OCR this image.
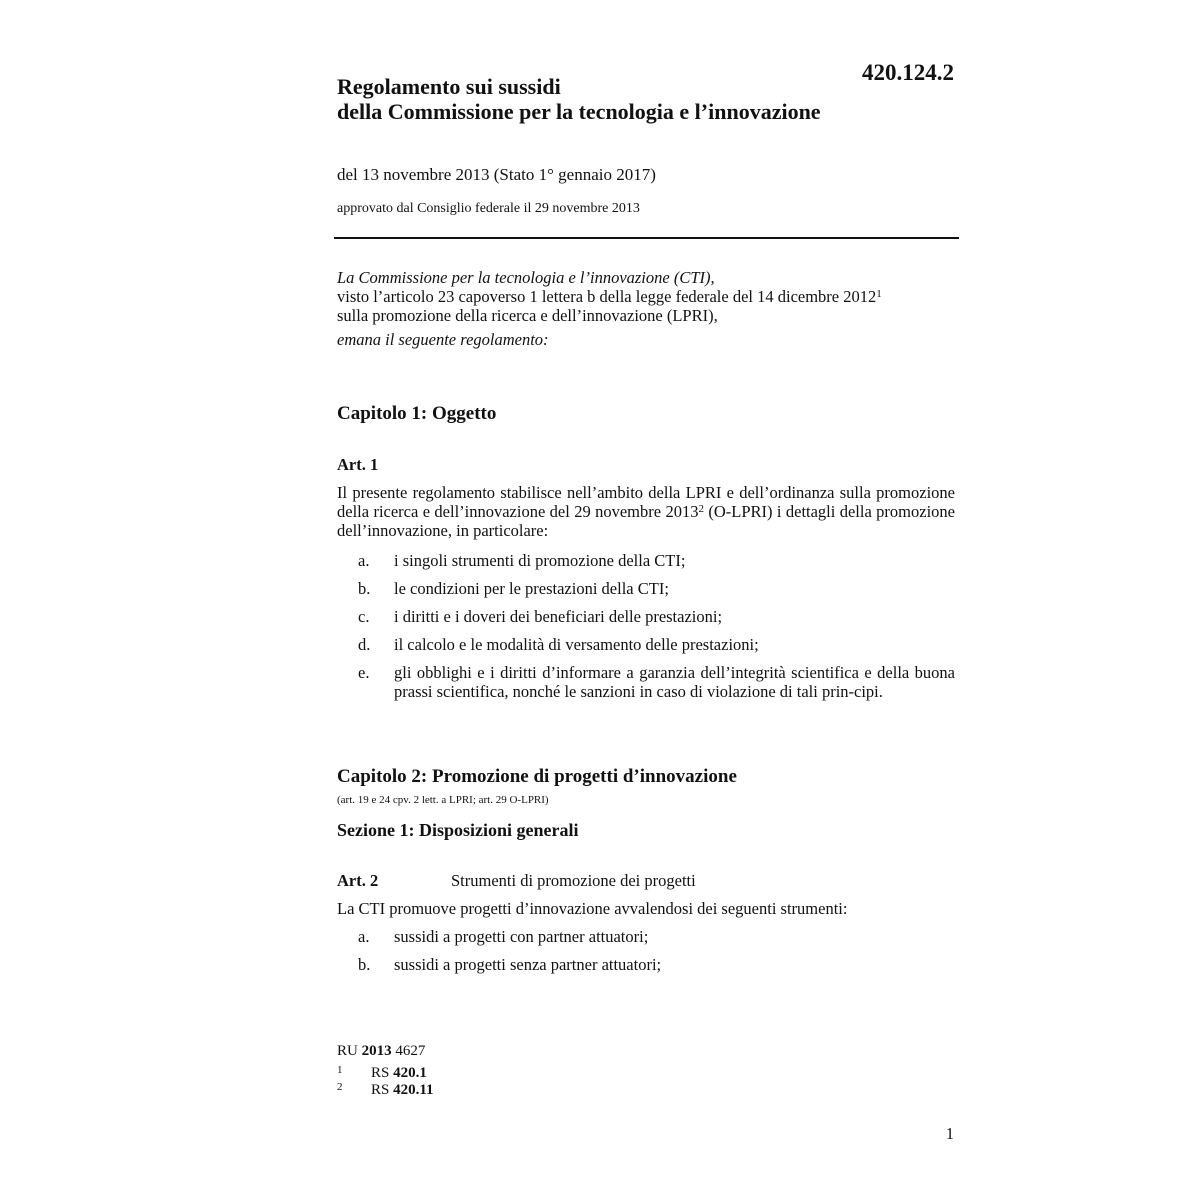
420.124.2
Regolamento sui sussidi
della Commissione per la tecnologia e l’innovazione
del 13 novembre 2013 (Stato 1° gennaio 2017)
approvato dal Consiglio federale il 29 novembre 2013
La Commissione per la tecnologia e l’innovazione (CTI),
visto l’articolo 23 capoverso 1 lettera b della legge federale del 14 dicembre 2012$^1$
sulla promozione della ricerca e dell’innovazione (LPRI),
emana il seguente regolamento:
Capitolo 1: Oggetto
Art. 1
Il presente regolamento stabilisce nell’ambito della LPRI e dell’ordinanza sulla promozione della ricerca e dell’innovazione del 29 novembre 2013$^2$ (O-LPRI) i dettagli della promozione dell’innovazione, in particolare:
a. i singoli strumenti di promozione della CTI;
b. le condizioni per le prestazioni della CTI;
c. i diritti e i doveri dei beneficiari delle prestazioni;
d. il calcolo e le modalità di versamento delle prestazioni;
e. gli obblighi e i diritti d’informare a garanzia dell’integrità scientifica e della buona prassi scientifica, nonché le sanzioni in caso di violazione di tali prin-cipi.
Capitolo 2: Promozione di progetti d’innovazione
(art. 19 e 24 cpv. 2 lett. a LPRI; art. 29 O-LPRI)
Sezione 1: Disposizioni generali
Art. 2	Strumenti di promozione dei progetti
La CTI promuove progetti d’innovazione avvalendosi dei seguenti strumenti:
a. sussidi a progetti con partner attuatori;
b. sussidi a progetti senza partner attuatori;
RU 2013 4627
1 RS 420.1
2 RS 420.11
1
